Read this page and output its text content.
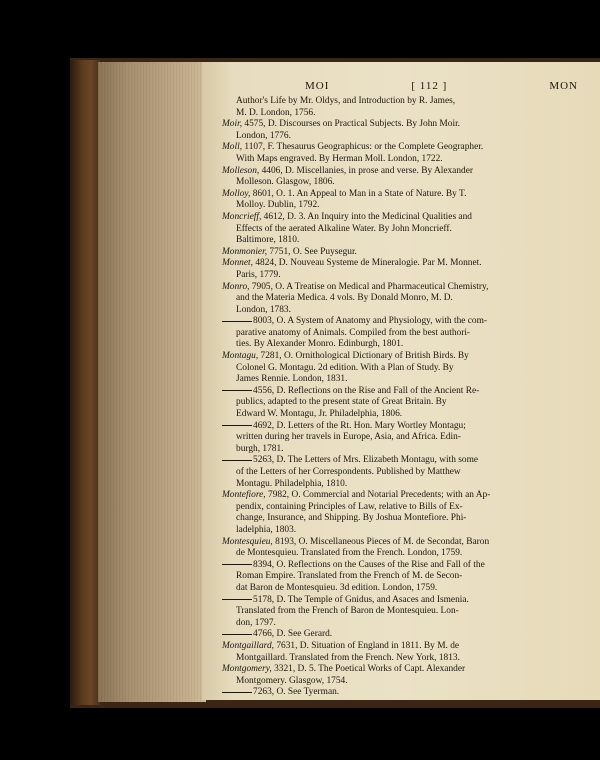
MOI	[ 112 ]	MON
Author's Life by Mr. Oldys, and Introduction by R. James,
M. D. London, 1756.
Moir, 4575, D. Discourses on Practical Subjects. By John Moir.
London, 1776.
Moll, 1107, F. Thesaurus Geographicus: or the Complete Geographer.
With Maps engraved. By Herman Moll. London, 1722.
Molleson, 4406, D. Miscellanies, in prose and verse. By Alexander
Molleson. Glasgow, 1806.
Molloy, 8601, O. 1. An Appeal to Man in a State of Nature. By T.
Molloy. Dublin, 1792.
Moncrieff, 4612, D. 3. An Inquiry into the Medicinal Qualities and
Effects of the aerated Alkaline Water. By John Moncrieff.
Baltimore, 1810.
Monmonier, 7751, O. See Puysegur.
Monnet, 4824, D. Nouveau Systeme de Mineralogie. Par M. Monnet.
Paris, 1779.
Monro, 7905, O. A Treatise on Medical and Pharmaceutical Chemistry,
and the Materia Medica. 4 vols. By Donald Monro, M. D.
London, 1783.
8003, O. A System of Anatomy and Physiology, with the com-
parative anatomy of Animals. Compiled from the best authori-
ties. By Alexander Monro. Edinburgh, 1801.
Montagu, 7281, O. Ornithological Dictionary of British Birds. By
Colonel G. Montagu. 2d edition. With a Plan of Study. By
James Rennie. London, 1831.
4556, D. Reflections on the Rise and Fall of the Ancient Re-
publics, adapted to the present state of Great Britain. By
Edward W. Montagu, Jr. Philadelphia, 1806.
4692, D. Letters of the Rt. Hon. Mary Wortley Montagu;
written during her travels in Europe, Asia, and Africa. Edin-
burgh, 1781.
5263, D. The Letters of Mrs. Elizabeth Montagu, with some
of the Letters of her Correspondents. Published by Matthew
Montagu. Philadelphia, 1810.
Montefiore, 7982, O. Commercial and Notarial Precedents; with an Ap-
pendix, containing Principles of Law, relative to Bills of Ex-
change, Insurance, and Shipping. By Joshua Montefiore. Phi-
ladelphia, 1803.
Montesquieu, 8193, O. Miscellaneous Pieces of M. de Secondat, Baron
de Montesquieu. Translated from the French. London, 1759.
8394, O. Reflections on the Causes of the Rise and Fall of the
Roman Empire. Translated from the French of M. de Secon-
dat Baron de Montesquieu. 3d edition. London, 1759.
5178, D. The Temple of Gnidus, and Asaces and Ismenia.
Translated from the French of Baron de Montesquieu. Lon-
don, 1797.
4766, D. See Gerard.
Montgaillard, 7631, D. Situation of England in 1811. By M. de
Montgaillard. Translated from the French. New York, 1813.
Montgomery, 3321, D. 5. The Poetical Works of Capt. Alexander
Montgomery. Glasgow, 1754.
7263, O. See Tyerman.
